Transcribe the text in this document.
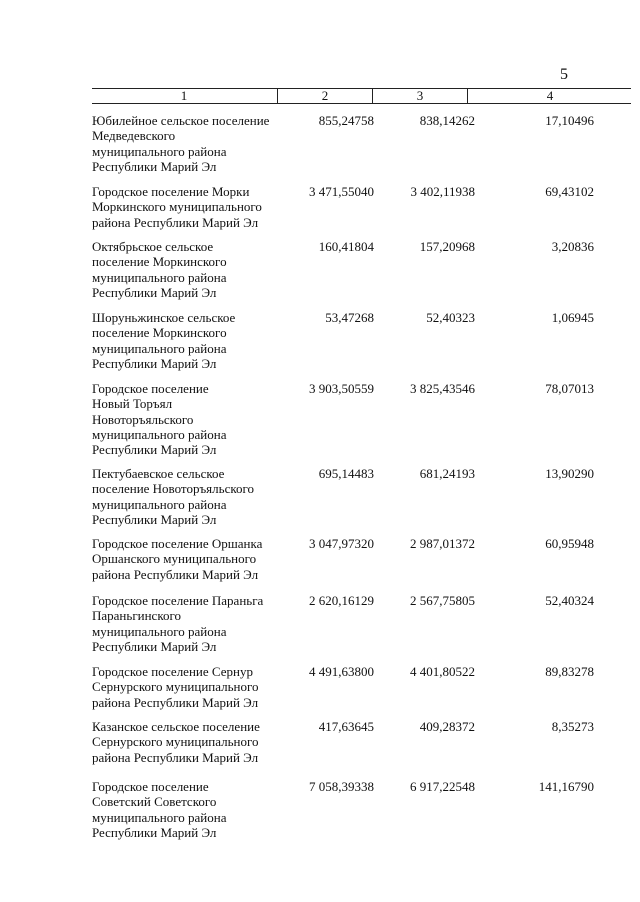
5
1	2	3	4
Юбилейное сельское поселение
Медведевского
муниципального района
Республики Марий Эл
855,24758	838,14262	17,10496
Городское поселение Морки
Моркинского муниципального
района Республики Марий Эл
3 471,55040	3 402,11938	69,43102
Октябрьское сельское
поселение Моркинского
муниципального района
Республики Марий Эл
160,41804	157,20968	3,20836
Шоруньжинское сельское
поселение Моркинского
муниципального района
Республики Марий Эл
53,47268	52,40323	1,06945
Городское поселение
Новый Торъял
Новоторъяльского
муниципального района
Республики Марий Эл
3 903,50559	3 825,43546	78,07013
Пектубаевское сельское
поселение Новоторъяльского
муниципального района
Республики Марий Эл
695,14483	681,24193	13,90290
Городское поселение Оршанка
Оршанского муниципального
района Республики Марий Эл
3 047,97320	2 987,01372	60,95948
Городское поселение Параньга
Параньгинского
муниципального района
Республики Марий Эл
2 620,16129	2 567,75805	52,40324
Городское поселение Сернур
Сернурского муниципального
района Республики Марий Эл
4 491,63800	4 401,80522	89,83278
Казанское сельское поселение
Сернурского муниципального
района Республики Марий Эл
417,63645	409,28372	8,35273
Городское поселение
Советский Советского
муниципального района
Республики Марий Эл
7 058,39338	6 917,22548	141,16790
